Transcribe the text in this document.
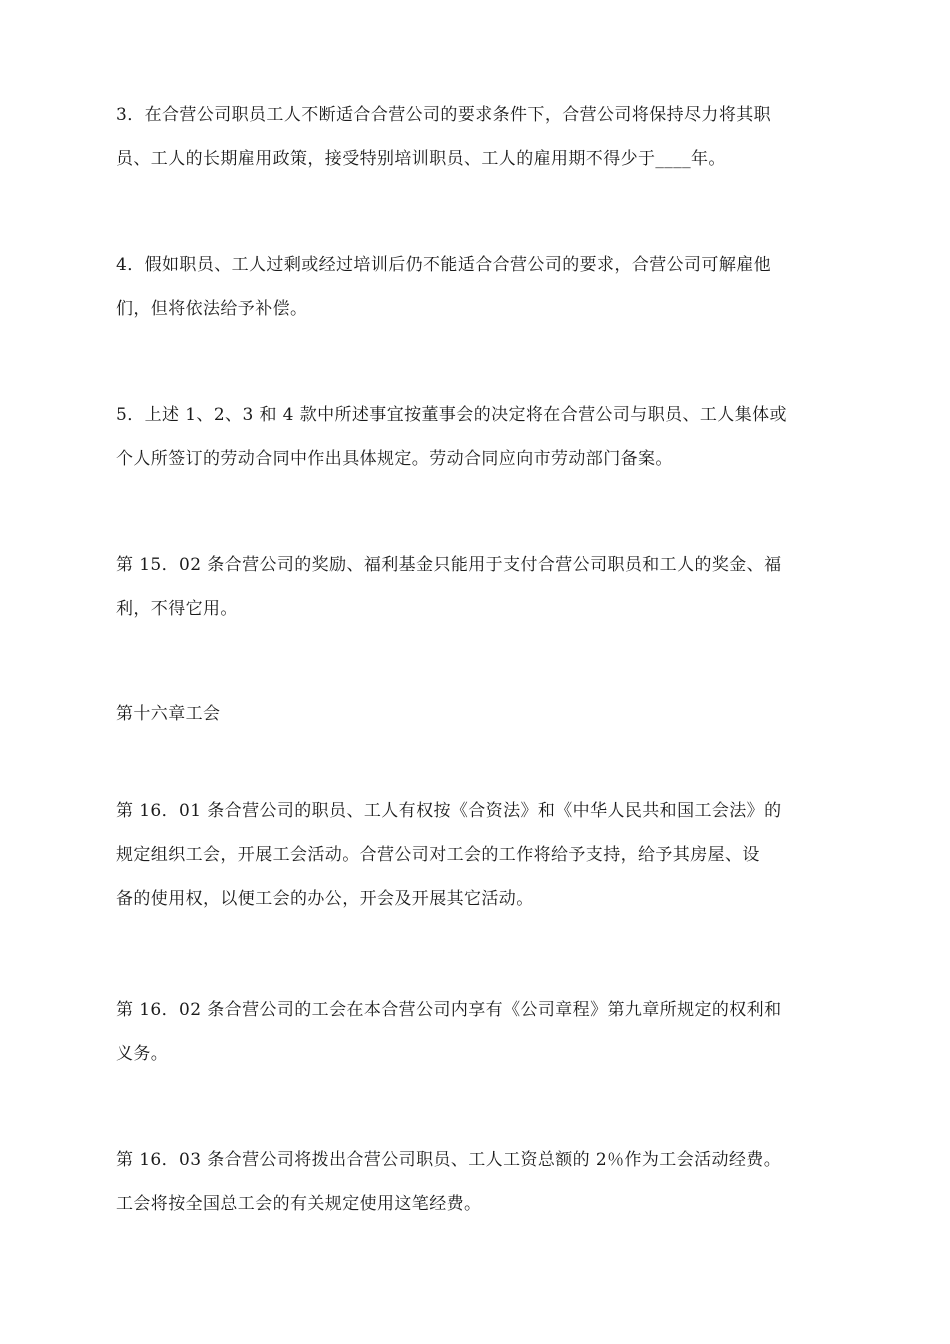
3．在合营公司职员工人不断适合合营公司的要求条件下，合营公司将保持尽力将其职
员、工人的长期雇用政策，接受特别培训职员、工人的雇用期不得少于____年。

4．假如职员、工人过剩或经过培训后仍不能适合合营公司的要求，合营公司可解雇他
们，但将依法给予补偿。

5．上述 1、2、3 和 4 款中所述事宜按董事会的决定将在合营公司与职员、工人集体或
个人所签订的劳动合同中作出具体规定。劳动合同应向市劳动部门备案。

第 15．02 条合营公司的奖励、福利基金只能用于支付合营公司职员和工人的奖金、福
利，不得它用。

第十六章工会

第 16．01 条合营公司的职员、工人有权按《合资法》和《中华人民共和国工会法》的
规定组织工会，开展工会活动。合营公司对工会的工作将给予支持，给予其房屋、设
备的使用权，以便工会的办公，开会及开展其它活动。

第 16．02 条合营公司的工会在本合营公司内享有《公司章程》第九章所规定的权利和
义务。

第 16．03 条合营公司将拨出合营公司职员、工人工资总额的 2％作为工会活动经费。
工会将按全国总工会的有关规定使用这笔经费。
